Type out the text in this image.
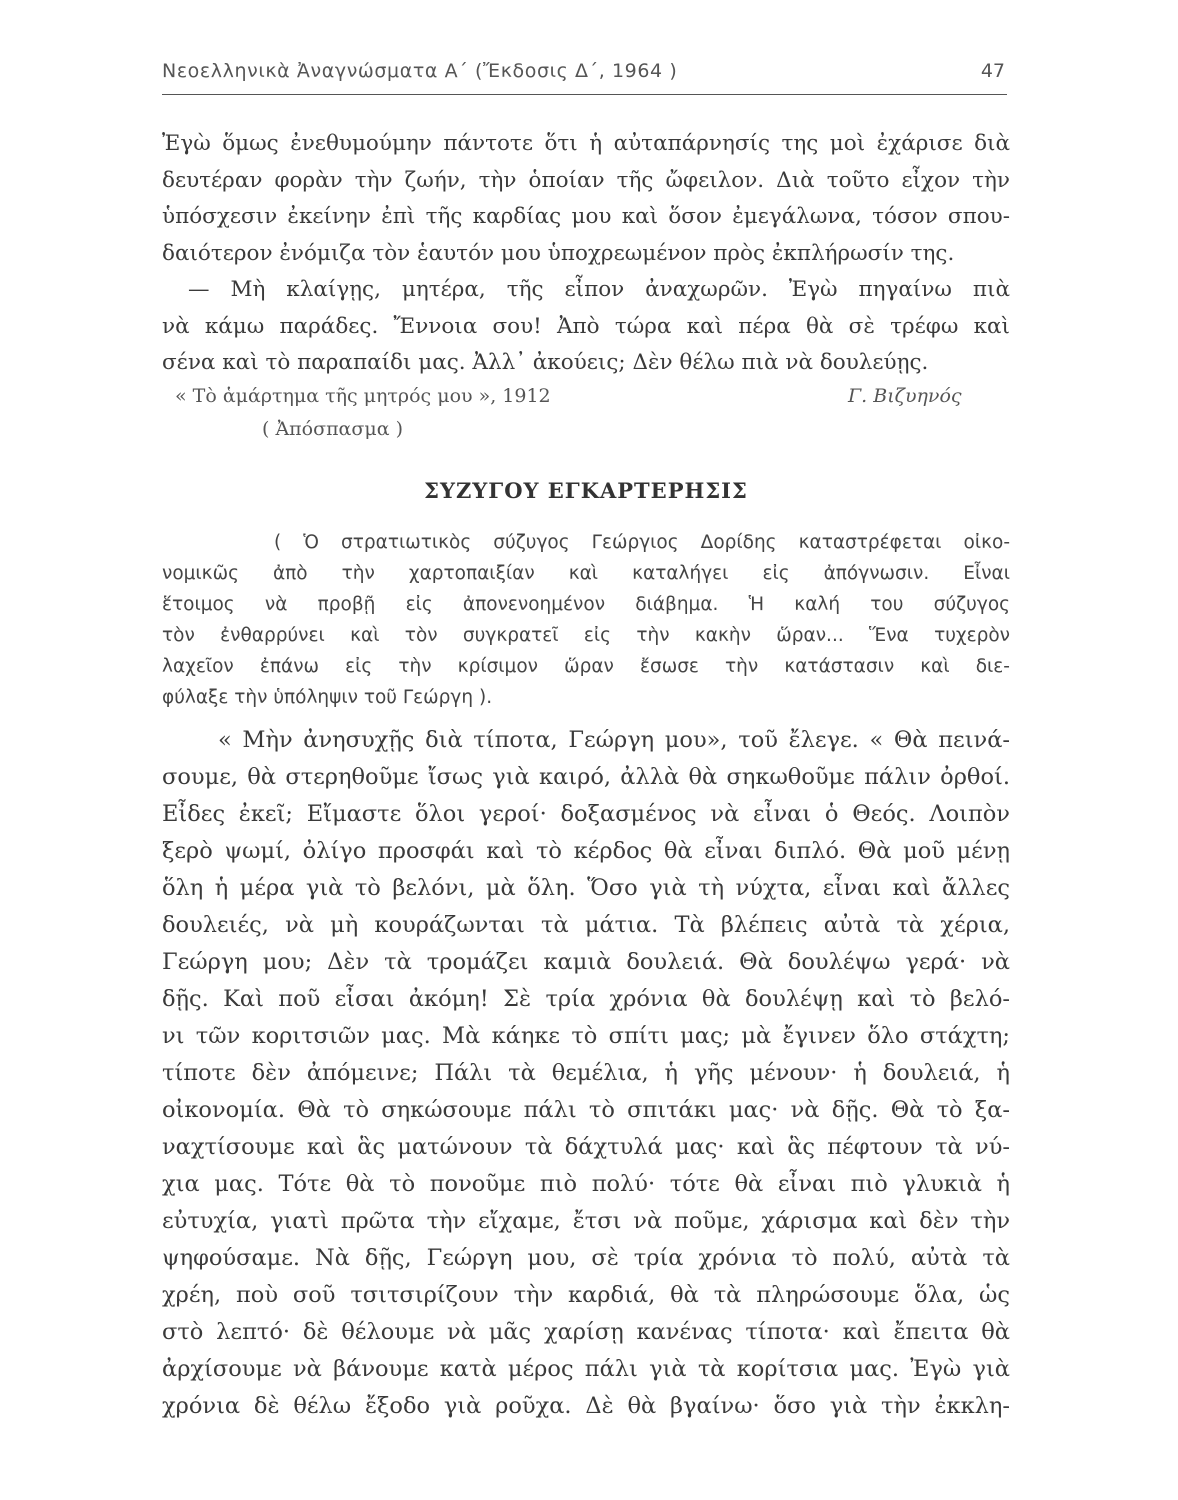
Νεοελληνικὰ Ἀναγνώσματα Α΄ (Ἔκδοσις Δ΄, 1964 )	47
Ἐγὼ ὅμως ἐνεθυμούμην πάντοτε ὅτι ἡ αὐταπάρνησίς της μοὶ ἐχάρισε διὰ
δευτέραν φορὰν τὴν ζωήν, τὴν ὁποίαν τῆς ὤφειλον. Διὰ τοῦτο εἶχον τὴν
ὑπόσχεσιν ἐκείνην ἐπὶ τῆς καρδίας μου καὶ ὅσον ἐμεγάλωνα, τόσον σπου-
δαιότερον ἐνόμιζα τὸν ἑαυτόν μου ὑποχρεωμένον πρὸς ἐκπλήρωσίν της.
— Μὴ κλαίγῃς, μητέρα, τῆς εἶπον ἀναχωρῶν. Ἐγὼ πηγαίνω πιὰ
νὰ κάμω παράδες. Ἔννοια σου! Ἀπὸ τώρα καὶ πέρα θὰ σὲ τρέφω καὶ
σένα καὶ τὸ παραπαίδι μας. Ἀλλ᾽ ἀκούεις; Δὲν θέλω πιὰ νὰ δουλεύῃς.
« Τὸ ἁμάρτημα τῆς μητρός μου », 1912	Γ. Βιζυηνός
( Ἀπόσπασμα )
ΣΥΖΥΓΟΥ ΕΓΚΑΡΤΕΡΗΣΙΣ
( Ὁ στρατιωτικὸς σύζυγος Γεώργιος Δορίδης καταστρέφεται οἰκο-
νομικῶς ἀπὸ τὴν χαρτοπαιξίαν καὶ καταλήγει εἰς ἀπόγνωσιν. Εἶναι
ἕτοιμος νὰ προβῇ εἰς ἀπονενοημένον διάβημα. Ἡ καλή του σύζυγος
τὸν ἐνθαρρύνει καὶ τὸν συγκρατεῖ εἰς τὴν κακὴν ὥραν... Ἕνα τυχερὸν
λαχεῖον ἐπάνω εἰς τὴν κρίσιμον ὥραν ἔσωσε τὴν κατάστασιν καὶ διε-
φύλαξε τὴν ὑπόληψιν τοῦ Γεώργη ).
« Μὴν ἀνησυχῇς διὰ τίποτα, Γεώργη μου», τοῦ ἔλεγε. « Θὰ πεινά-
σουμε, θὰ στερηθοῦμε ἴσως γιὰ καιρό, ἀλλὰ θὰ σηκωθοῦμε πάλιν ὀρθοί.
Εἶδες ἐκεῖ; Εἴμαστε ὅλοι γεροί· δοξασμένος νὰ εἶναι ὁ Θεός. Λοιπὸν
ξερὸ ψωμί, ὀλίγο προσφάι καὶ τὸ κέρδος θὰ εἶναι διπλό. Θὰ μοῦ μένῃ
ὅλη ἡ μέρα γιὰ τὸ βελόνι, μὰ ὅλη. Ὅσο γιὰ τὴ νύχτα, εἶναι καὶ ἄλλες
δουλειές, νὰ μὴ κουράζωνται τὰ μάτια. Τὰ βλέπεις αὐτὰ τὰ χέρια,
Γεώργη μου; Δὲν τὰ τρομάζει καμιὰ δουλειά. Θὰ δουλέψω γερά· νὰ
δῇς. Καὶ ποῦ εἶσαι ἀκόμη! Σὲ τρία χρόνια θὰ δουλέψῃ καὶ τὸ βελό-
νι τῶν κοριτσιῶν μας. Μὰ κάηκε τὸ σπίτι μας; μὰ ἔγινεν ὅλο στάχτη;
τίποτε δὲν ἀπόμεινε; Πάλι τὰ θεμέλια, ἡ γῆς μένουν· ἡ δουλειά, ἡ
οἰκονομία. Θὰ τὸ σηκώσουμε πάλι τὸ σπιτάκι μας· νὰ δῇς. Θὰ τὸ ξα-
ναχτίσουμε καὶ ἃς ματώνουν τὰ δάχτυλά μας· καὶ ἃς πέφτουν τὰ νύ-
χια μας. Τότε θὰ τὸ πονοῦμε πιὸ πολύ· τότε θὰ εἶναι πιὸ γλυκιὰ ἡ
εὐτυχία, γιατὶ πρῶτα τὴν εἴχαμε, ἔτσι νὰ ποῦμε, χάρισμα καὶ δὲν τὴν
ψηφούσαμε. Νὰ δῇς, Γεώργη μου, σὲ τρία χρόνια τὸ πολύ, αὐτὰ τὰ
χρέη, ποὺ σοῦ τσιτσιρίζουν τὴν καρδιά, θὰ τὰ πληρώσουμε ὅλα, ὡς
στὸ λεπτό· δὲ θέλουμε νὰ μᾶς χαρίσῃ κανένας τίποτα· καὶ ἔπειτα θὰ
ἀρχίσουμε νὰ βάνουμε κατὰ μέρος πάλι γιὰ τὰ κορίτσια μας. Ἐγὼ γιὰ
χρόνια δὲ θέλω ἔξοδο γιὰ ροῦχα. Δὲ θὰ βγαίνω· ὅσο γιὰ τὴν ἐκκλη-
